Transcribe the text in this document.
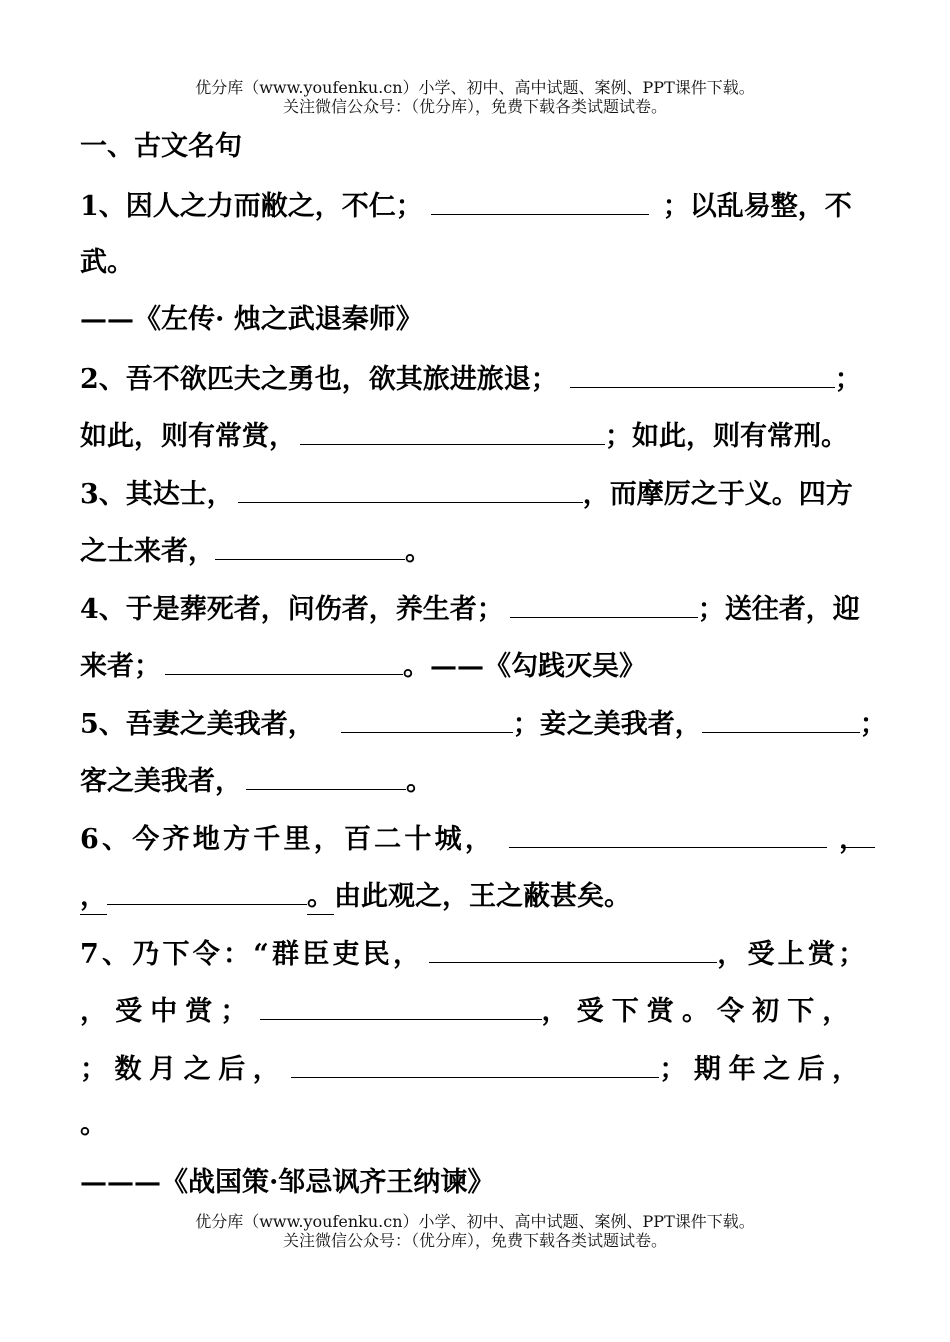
优分库（www.youfenku.cn）小学、初中、高中试题、案例、PPT课件下载。
关注微信公众号：（优分库），免费下载各类试题试卷。
一、古文名句
1、因人之力而敝之，不仁；	；以乱易整，不
武。
——《左传· 烛之武退秦师》
2、吾不欲匹夫之勇也，欲其旅进旅退；	；
如此，则有常赏，	；如此，则有常刑。
3、其达士，	，而摩厉之于义。四方
之士来者，	。
4、于是葬死者，问伤者，养生者；	；送往者，迎
来者；	。——《勾践灭吴》
5、吾妻之美我者，	；妾之美我者，	；
客之美我者，	。
6、今齐地方千里，百二十城，	，
，	。由此观之，王之蔽甚矣。
7、乃下令：“群臣吏民，	，受上赏；
，受中赏；	，受下赏。令初下，
；数月之后，	；期年之后，
。
———《战国策·邹忌讽齐王纳谏》
优分库（www.youfenku.cn）小学、初中、高中试题、案例、PPT课件下载。
关注微信公众号：（优分库），免费下载各类试题试卷。
